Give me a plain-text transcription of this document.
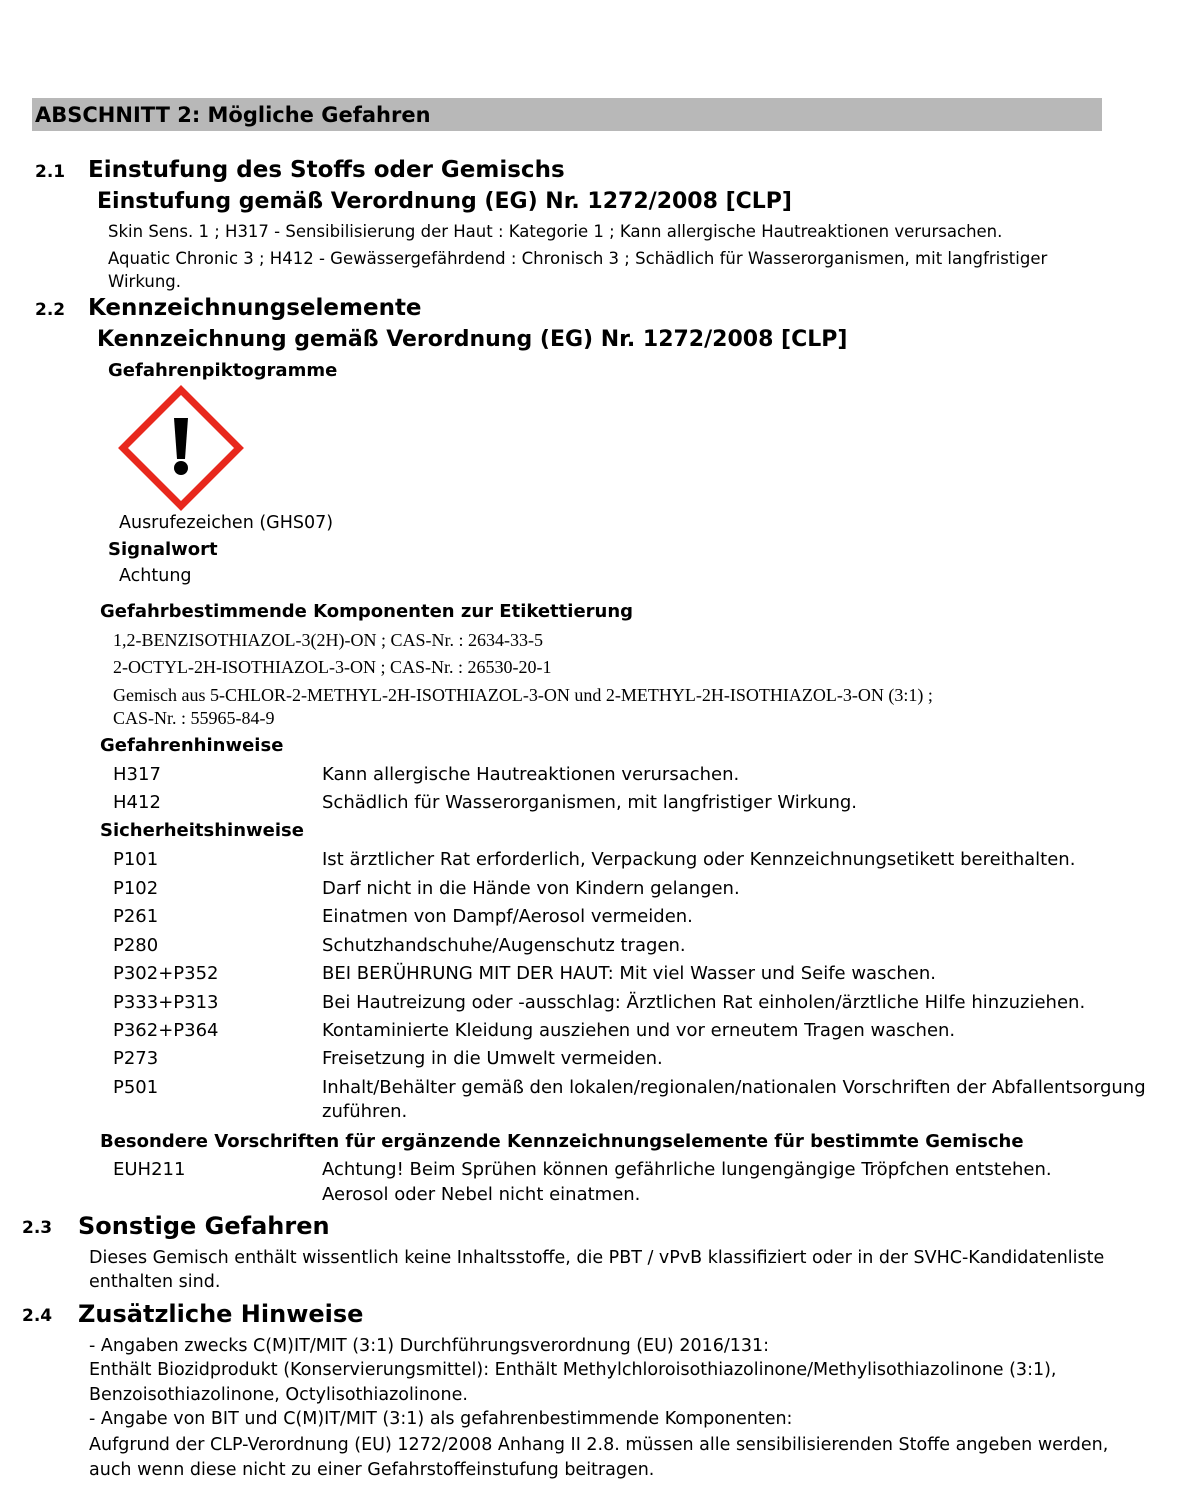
ABSCHNITT 2: Mögliche Gefahren
2.1 Einstufung des Stoffs oder Gemischs
Einstufung gemäß Verordnung (EG) Nr. 1272/2008 [CLP]
Skin Sens. 1 ; H317 - Sensibilisierung der Haut : Kategorie 1 ; Kann allergische Hautreaktionen verursachen.
Aquatic Chronic 3 ; H412 - Gewässergefährdend : Chronisch 3 ; Schädlich für Wasserorganismen, mit langfristiger
Wirkung.
2.2 Kennzeichnungselemente
Kennzeichnung gemäß Verordnung (EG) Nr. 1272/2008 [CLP]
Gefahrenpiktogramme
Ausrufezeichen (GHS07)
Signalwort
Achtung
Gefahrbestimmende Komponenten zur Etikettierung
1,2-BENZISOTHIAZOL-3(2H)-ON ; CAS-Nr. : 2634-33-5
2-OCTYL-2H-ISOTHIAZOL-3-ON ; CAS-Nr. : 26530-20-1
Gemisch aus 5-CHLOR-2-METHYL-2H-ISOTHIAZOL-3-ON und 2-METHYL-2H-ISOTHIAZOL-3-ON (3:1) ;
CAS-Nr. : 55965-84-9
Gefahrenhinweise
H317	Kann allergische Hautreaktionen verursachen.
H412	Schädlich für Wasserorganismen, mit langfristiger Wirkung.
Sicherheitshinweise
P101	Ist ärztlicher Rat erforderlich, Verpackung oder Kennzeichnungsetikett bereithalten.
P102	Darf nicht in die Hände von Kindern gelangen.
P261	Einatmen von Dampf/Aerosol vermeiden.
P280	Schutzhandschuhe/Augenschutz tragen.
P302+P352	BEI BERÜHRUNG MIT DER HAUT: Mit viel Wasser und Seife waschen.
P333+P313	Bei Hautreizung oder -ausschlag: Ärztlichen Rat einholen/ärztliche Hilfe hinzuziehen.
P362+P364	Kontaminierte Kleidung ausziehen und vor erneutem Tragen waschen.
P273	Freisetzung in die Umwelt vermeiden.
P501	Inhalt/Behälter gemäß den lokalen/regionalen/nationalen Vorschriften der Abfallentsorgung
zuführen.
Besondere Vorschriften für ergänzende Kennzeichnungselemente für bestimmte Gemische
EUH211	Achtung! Beim Sprühen können gefährliche lungengängige Tröpfchen entstehen.
Aerosol oder Nebel nicht einatmen.
2.3 Sonstige Gefahren
Dieses Gemisch enthält wissentlich keine Inhaltsstoffe, die PBT / vPvB klassifiziert oder in der SVHC-Kandidatenliste
enthalten sind.
2.4 Zusätzliche Hinweise
- Angaben zwecks C(M)IT/MIT (3:1) Durchführungsverordnung (EU) 2016/131:
Enthält Biozidprodukt (Konservierungsmittel): Enthält Methylchloroisothiazolinone/Methylisothiazolinone (3:1),
Benzoisothiazolinone, Octylisothiazolinone.
- Angabe von BIT und C(M)IT/MIT (3:1) als gefahrenbestimmende Komponenten:
Aufgrund der CLP-Verordnung (EU) 1272/2008 Anhang II 2.8. müssen alle sensibilisierenden Stoffe angeben werden,
auch wenn diese nicht zu einer Gefahrstoffeinstufung beitragen.
